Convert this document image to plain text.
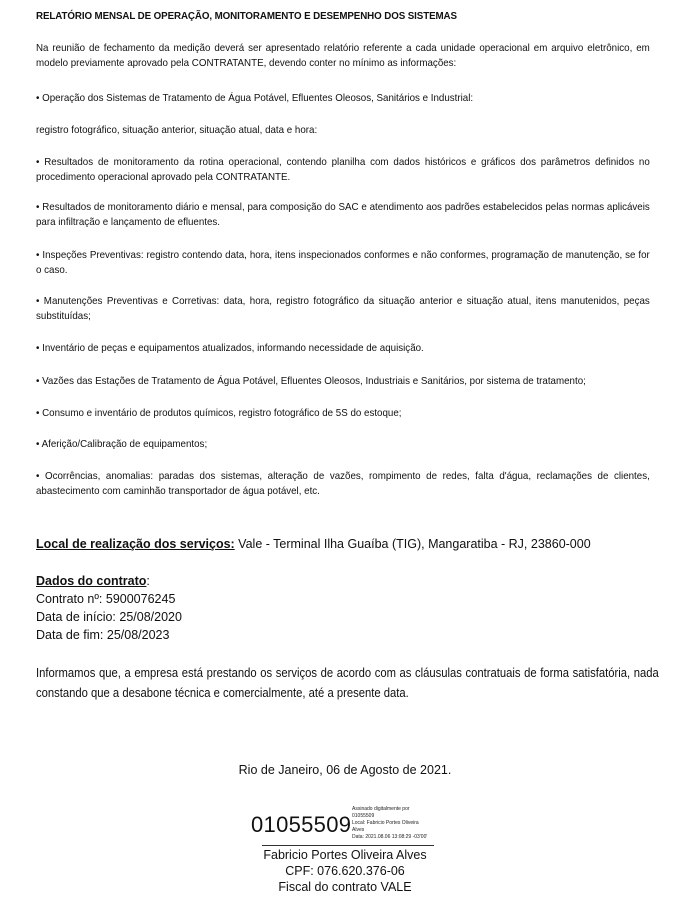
RELATÓRIO MENSAL DE OPERAÇÃO, MONITORAMENTO E DESEMPENHO DOS SISTEMAS
Na reunião de fechamento da medição deverá ser apresentado relatório referente a cada unidade operacional em arquivo eletrônico, em modelo previamente aprovado pela CONTRATANTE, devendo conter no mínimo as informações:
• Operação dos Sistemas de Tratamento de Água Potável, Efluentes Oleosos, Sanitários e Industrial:
registro fotográfico, situação anterior, situação atual, data e hora:
• Resultados de monitoramento da rotina operacional, contendo planilha com dados históricos e gráficos dos parâmetros definidos no procedimento operacional aprovado pela CONTRATANTE.
• Resultados de monitoramento diário e mensal, para composição do SAC e atendimento aos padrões estabelecidos pelas normas aplicáveis para infiltração e lançamento de efluentes.
• Inspeções Preventivas: registro contendo data, hora, itens inspecionados conformes e não conformes, programação de manutenção, se for o caso.
• Manutenções Preventivas e Corretivas: data, hora, registro fotográfico da situação anterior e situação atual, itens manutenidos, peças substituídas;
• Inventário de peças e equipamentos atualizados, informando necessidade de aquisição.
• Vazões das Estações de Tratamento de Água Potável, Efluentes Oleosos, Industriais e Sanitários, por sistema de tratamento;
• Consumo e inventário de produtos químicos, registro fotográfico de 5S do estoque;
• Aferição/Calibração de equipamentos;
• Ocorrências, anomalias: paradas dos sistemas, alteração de vazões, rompimento de redes, falta d'água, reclamações de clientes, abastecimento com caminhão transportador de água potável, etc.
Local de realização dos serviços: Vale - Terminal Ilha Guaíba (TIG), Mangaratiba - RJ, 23860-000
Dados do contrato:
Contrato nº: 5900076245
Data de início: 25/08/2020
Data de fim: 25/08/2023
Informamos que, a empresa está prestando os serviços de acordo com as cláusulas contratuais de forma satisfatória, nada constando que a desabone técnica e comercialmente, até a presente data.
Rio de Janeiro, 06 de Agosto de 2021.
01055509
Assinado digitalmente por
01055509
Local: Fabricio Portes Oliveira
Alves
Data: 2021.08.06 13:08:29 -03'00'
Fabricio Portes Oliveira Alves
CPF: 076.620.376-06
Fiscal do contrato VALE
